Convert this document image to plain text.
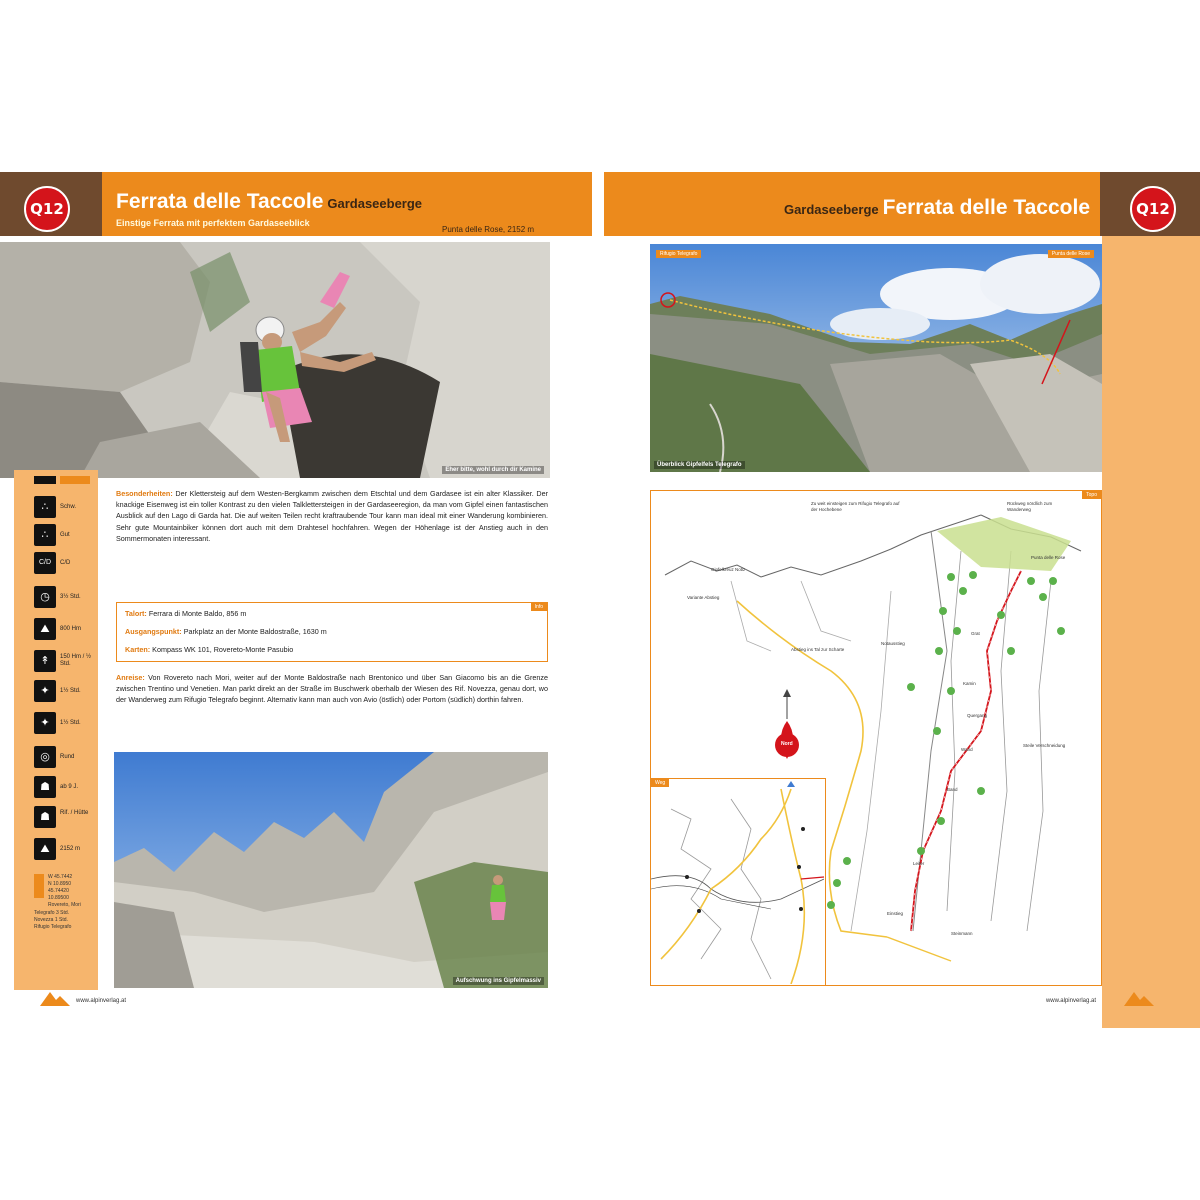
Q12 Ferrata delle Taccole Gardaseeberge
Einstige Ferrata mit perfektem Gardaseeblick
Punta delle Rose, 2152 m
Eher bitte, wohl durch dir Kamine
∴	Schw.
∴	Gut
C/D	C/D
◷	3½ Std.
⛰	800 Hm
↟	150 Hm / ½ Std.
✦	1½ Std.
✦	1½ Std.
◎	Rund
☗	ab 9 J.
☗	Rif. / Hütte
⛰	2152 m
W 45.7442
N 10.8950
45.74420
10.89500
Rovereto, Mori
Telegrafo 3 Std.
Novezza 1 Std.
Rifugio Telegrafo
Besonderheiten: Der Klettersteig auf dem Westen-Bergkamm zwischen dem Etschtal und dem Gardasee ist ein alter Klassiker. Der knackige Eisenweg ist ein toller Kontrast zu den vielen Talklettersteigen in der Gardaseeregion, da man vom Gipfel einen fantastischen Ausblick auf den Lago di Garda hat. Die auf weiten Teilen recht kraftraubende Tour kann man ideal mit einer Wanderung kombinieren. Sehr gute Mountainbiker können dort auch mit dem Drahtesel hochfahren. Wegen der Höhenlage ist der Anstieg auch in den Sommermonaten interessant.
Info
Talort: Ferrara di Monte Baldo, 856 m
Ausgangspunkt: Parkplatz an der Monte Baldostraße, 1630 m
Karten: Kompass WK 101, Rovereto-Monte Pasubio
Anreise: Von Rovereto nach Mori, weiter auf der Monte Baldostraße nach Brentonico und über San Giacomo bis an die Grenze zwischen Trentino und Venetien. Man parkt direkt an der Straße im Buschwerk oberhalb der Wiesen des Rif. Novezza, genau dort, wo der Wanderweg zum Rifugio Telegrafo beginnt. Alternativ kann man auch von Avio (östlich) oder Portom (südlich) dorthin fahren.
Aufschwung ins Gipfelmassiv
www.alpinverlag.at
Q12
Gardaseeberge Ferrata delle Taccole
Rifugio Telegrafo	Punta delle Rose
Überblick Gipfelfels Telegrafo
Topo
Nord
Zu weit einsteigen zum Rifugio Telegrafo auf der Hochebene
Rückweg nördlich zum Wanderweg
Punta delle Rose
Gipfelkreuz Notiz
Variante Abstieg
Notausstieg
Abstieg ins Tal zur Scharte
Grat
Kamin
Quergang
Wand
Steile Verschneidung
Band
Einstieg
Leiter
Steinmann
Weg
www.alpinverlag.at
